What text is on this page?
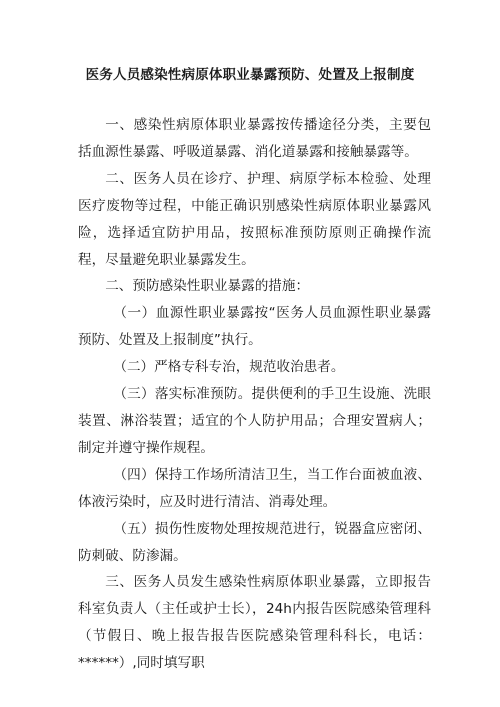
医务人员感染性病原体职业暴露预防、处置及上报制度

一、感染性病原体职业暴露按传播途径分类，主要包括血源性暴露、呼吸道暴露、消化道暴露和接触暴露等。

二、医务人员在诊疗、护理、病原学标本检验、处理医疗废物等过程，中能正确识别感染性病原体职业暴露风险，选择适宜防护用品，按照标准预防原则正确操作流程，尽量避免职业暴露发生。

二、预防感染性职业暴露的措施：

（一）血源性职业暴露按“医务人员血源性职业暴露预防、处置及上报制度”执行。

（二）严格专科专治，规范收治患者。

（三）落实标准预防。提供便利的手卫生设施、洗眼装置、淋浴装置；适宜的个人防护用品；合理安置病人；制定并遵守操作规程。

（四）保持工作场所清洁卫生，当工作台面被血液、体液污染时，应及时进行清洁、消毒处理。

（五）损伤性废物处理按规范进行，锐器盒应密闭、防刺破、防渗漏。

三、医务人员发生感染性病原体职业暴露，立即报告科室负责人（主任或护士长），24h内报告医院感染管理科（节假日、晚上报告报告医院感染管理科科长，电话：******）,同时填写职
